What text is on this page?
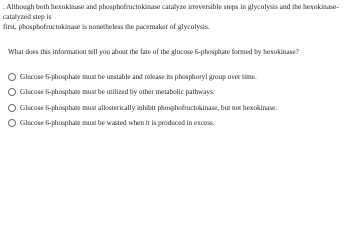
. Although both hexokinase and phosphofructokinase catalyze irreversible steps in glycolysis and the hexokinase-catalyzed step is
first, phosphofructokinase is nonetheless the pacemaker of glycolysis.
What does this information tell you about the fate of the glucose 6-phosphate formed by hexokinase?
Glucose 6-phosphate must be unstable and release its phosphoryl group over time.
Glucose 6-phosphate must be utilized by other metabolic pathways.
Glucose 6-phosphate must allosterically inhibit phosphofructokinase, but not hexokinase.
Glucose 6-phosphate must be wasted when it is produced in excess.
